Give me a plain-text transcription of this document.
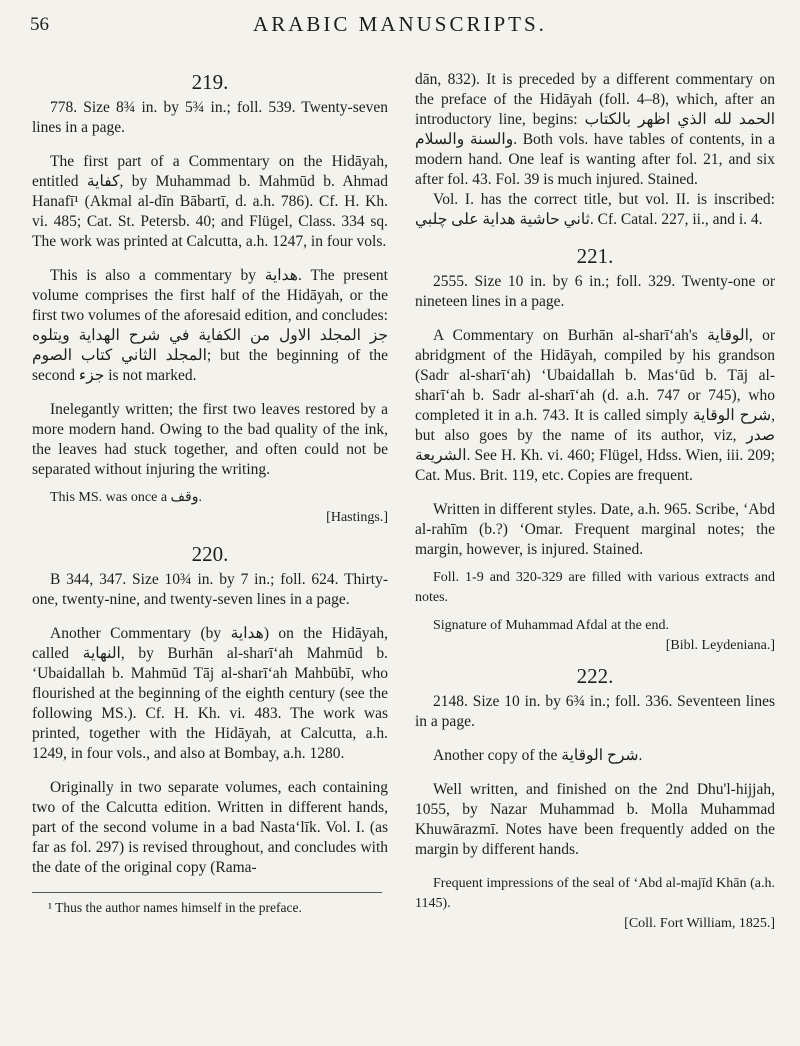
56	ARABIC MANUSCRIPTS.
219.

778. Size 8¾ in. by 5¾ in.; foll. 539. Twenty-seven lines in a page.

The first part of a Commentary on the Hidāyah, entitled كفاية, by Muhammad b. Mahmūd b. Ahmad Hanafī¹ (Akmal al-dīn Bābartī, d. a.h. 786). Cf. H. Kh. vi. 485; Cat. St. Petersb. 40; and Flügel, Class. 334 sq. The work was printed at Calcutta, a.h. 1247, in four vols.

This is also a commentary by هداية. The present volume comprises the first half of the Hidāyah, or the first two volumes of the aforesaid edition, and concludes: جز المجلد الاول من الكفاية في شرح الهداية ويتلوه المجلد الثاني كتاب الصوم; but the beginning of the second جزء is not marked.

Inelegantly written; the first two leaves restored by a more modern hand. Owing to the bad quality of the ink, the leaves had stuck together, and often could not be separated without injuring the writing.

This MS. was once a وقف.

[Hastings.]

220.

B 344, 347. Size 10¾ in. by 7 in.; foll. 624. Thirty-one, twenty-nine, and twenty-seven lines in a page.

Another Commentary (by هداية) on the Hidāyah, called النهاية, by Burhān al-sharī‘ah Mahmūd b. ‘Ubaidallah b. Mahmūd Tāj al-sharī‘ah Mahbūbī, who flourished at the beginning of the eighth century (see the following MS.). Cf. H. Kh. vi. 483. The work was printed, together with the Hidāyah, at Calcutta, a.h. 1249, in four vols., and also at Bombay, a.h. 1280.

Originally in two separate volumes, each containing two of the Calcutta edition. Written in different hands, part of the second volume in a bad Nasta‘līk. Vol. I. (as far as fol. 297) is revised throughout, and concludes with the date of the original copy (Rama-

¹ Thus the author names himself in the preface.

dān, 832). It is preceded by a different commentary on the preface of the Hidāyah (foll. 4–8), which, after an introductory line, begins: الحمد لله الذي اظهر بالكتاب والسنة والسلام. Both vols. have tables of contents, in a modern hand. One leaf is wanting after fol. 21, and six after fol. 43. Fol. 39 is much injured. Stained.

Vol. I. has the correct title, but vol. II. is inscribed: ثاني حاشية هداية على چلبي. Cf. Catal. 227, ii., and i. 4.

221.

2555. Size 10 in. by 6 in.; foll. 329. Twenty-one or nineteen lines in a page.

A Commentary on Burhān al-sharī‘ah's الوقاية, or abridgment of the Hidāyah, compiled by his grandson (Sadr al-sharī‘ah) ‘Ubaidallah b. Mas‘ūd b. Tāj al-sharī‘ah b. Sadr al-sharī‘ah (d. a.h. 747 or 745), who completed it in a.h. 743. It is called simply شرح الوقاية, but also goes by the name of its author, viz, صدر الشريعة. See H. Kh. vi. 460; Flügel, Hdss. Wien, iii. 209; Cat. Mus. Brit. 119, etc. Copies are frequent.

Written in different styles. Date, a.h. 965. Scribe, ‘Abd al-rahīm (b.?) ‘Omar. Frequent marginal notes; the margin, however, is injured. Stained.

Foll. 1-9 and 320-329 are filled with various extracts and notes.

Signature of Muhammad Afdal at the end.

[Bibl. Leydeniana.]

222.

2148. Size 10 in. by 6¾ in.; foll. 336. Seventeen lines in a page.

Another copy of the شرح الوقاية.

Well written, and finished on the 2nd Dhu'l-hijjah, 1055, by Nazar Muhammad b. Molla Muhammad Khuwārazmī. Notes have been frequently added on the margin by different hands.

Frequent impressions of the seal of ‘Abd al-majīd Khān (a.h. 1145).

[Coll. Fort William, 1825.]
